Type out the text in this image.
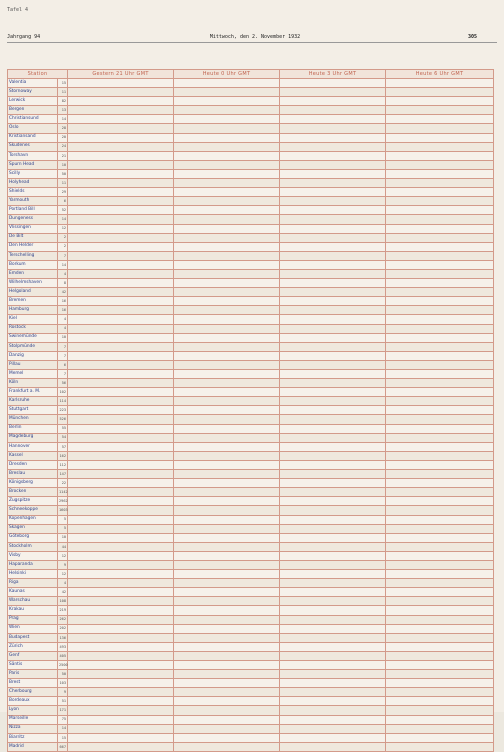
Tafel 4
Jahrgang 94	Mittwoch, den 2. November 1932	305
Station		Gestern 21 Uhr GMT	Heute 0 Uhr GMT	Heute 3 Uhr GMT	Heute 6 Uhr GMT
Valentia	15				
Stornoway	11				
Lerwick	82				
Bergen	13				
Christiansund	14				
Oslo	28				
Kristiansand	20				
Skudenes	24				
Torshavn	21				
Spurn Head	10				
Scilly	50				
Holyhead	11				
Shields	29				
Yarmouth	6				
Portland Bill	52				
Dungeness	14				
Vlissingen	12				
De Bilt	2				
Den Helder	2				
Terschelling	7				
Borkum	14				
Emden	4				
Wilhelmshaven	8				
Helgoland	42				
Bremen	16				
Hamburg	16				
Kiel	4				
Rostock	4				
Swinemünde	10				
Stolpmünde	7				
Danzig	7				
Pillau	6				
Memel	7				
Köln	56				
Frankfurt a. M.	102				
Karlsruhe	114				
Stuttgart	223				
München	526				
Berlin	55				
Magdeburg	54				
Hannover	57				
Kassel	162				
Dresden	112				
Breslau	147				
Königsberg	22				
Brocken	1142				
Zugspitze	2962				
Schneekoppe	1603				
Kopenhagen	5				
Skagen	5				
Göteborg	10				
Stockholm	44				
Visby	12				
Haparanda	9				
Helsinki	12				
Riga	4				
Kaunas	42				
Warschau	108				
Krakau	219				
Prag	262				
Wien	202				
Budapest	136				
Zürich	493				
Genf	405				
Säntis	2500				
Paris	50				
Brest	103				
Cherbourg	9				
Bordeaux	51				
Lyon	171				
Marseille	75				
Nizza	14				
Biarritz	15				
Madrid	667				
